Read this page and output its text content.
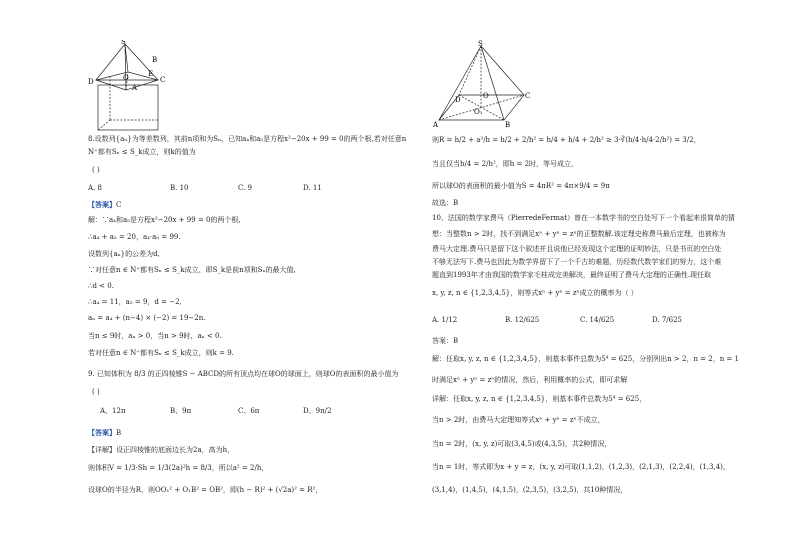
S
B
C
D
E
O
A
8.设数列{aₙ}为等差数列，其前n项和为Sₙ，已知a₄和a₅是方程x²−20x + 99 = 0的两个根,若对任意n
N⁺都有Sₙ ≤ S_k成立，则k的值为
( )
A. 8	B. 10	C. 9	D. 11
【答案】C
解：∵a₄和a₅是方程x²−20x + 99 = 0的两个根,
∴a₄ + a₅ = 20，a₄·a₅ = 99.
设数列{aₙ}的公差为d,
∵对任意n ∈ N⁺都有Sₙ ≤ S_k成立，即S_k是前n项和Sₙ的最大值,
∴d < 0.
∴a₄ = 11，a₅ = 9，d = −2,
aₙ = a₄ + (n−4) × (−2) = 19−2n.
当n ≤ 9时，aₙ > 0，当n > 9时，aₙ < 0.
若对任意n ∈ N⁺都有Sₙ ≤ S_k成立，则k = 9.
9. 已知体积为 8/3 的正四棱锥S − ABCD的所有顶点均在球O的球面上，则球O的表面积的最小值为
( )
A、12π	B、9π	C、6π	D、9π/2
【答案】B
【详解】设正四棱锥的底面边长为2a，高为h，
则体积V = 1/3·Sh = 1/3(2a)²h = 8/3，所以a² = 2/h，
设球O的半径为R，则OO₁² + O₁B² = OB²，即(h − R)² + (√2a)² = R²，
S
D	C
A	B
O
O₁
则R = h/2 + a²/h = h/2 + 2/h² = h/4 + h/4 + 2/h² ≥ 3·∛(h/4·h/4·2/h²) = 3/2，
当且仅当h/4 = 2/h²，即h = 2时，等号成立，
所以球O的表面积的最小值为S = 4πR² = 4π×9/4 = 9π
故选：B
10、法国的数学家费马（PierredeFermat）曾在一本数学书的空白处写下一个看起来很简单的猜
想：当整数n > 2时，找不到满足xⁿ + yⁿ = zⁿ的正整数解.该定理史称费马最后定理，也被称为
费马大定理.费马只是留下这个叙述并且说他已经发现这个定理的证明妙法，只是书页的空白处
不够无法写下.费马也因此为数学界留下了一个千古的难题，历经数代数学家们的努力，这个难
题直到1993年才由我国的数学家毛桂成完美解决，最终证明了费马大定理的正确性.现任取
x, y, z, n ∈ {1,2,3,4,5}，则等式xⁿ + yⁿ = zⁿ成立的概率为（ ）
A. 1/12	B. 12/625	C. 14/625	D. 7/625
答案：B
解：任取x, y, z, n ∈ {1,2,3,4,5}，则基本事件总数为5⁴ = 625，分别列出n > 2，n = 2，n = 1
时满足xⁿ + yⁿ = zⁿ的情况，然后，利用概率的公式，即可求解
详解：任取x, y, z, n ∈ {1,2,3,4,5}，则基本事件总数为5⁴ = 625，
当n > 2时，由费马大定理知等式xⁿ + yⁿ = zⁿ不成立，
当n = 2时，(x, y, z)可取(3,4,5)或(4,3,5)，共2种情况，
当n = 1时，等式即为x + y = z，(x, y, z)可取(1,1,2)，(1,2,3)，(2,1,3)，(2,2,4)，(1,3,4)，
(3,1,4)，(1,4,5)，(4,1,5)，(2,3,5)，(3,2,5)，共10种情况，
